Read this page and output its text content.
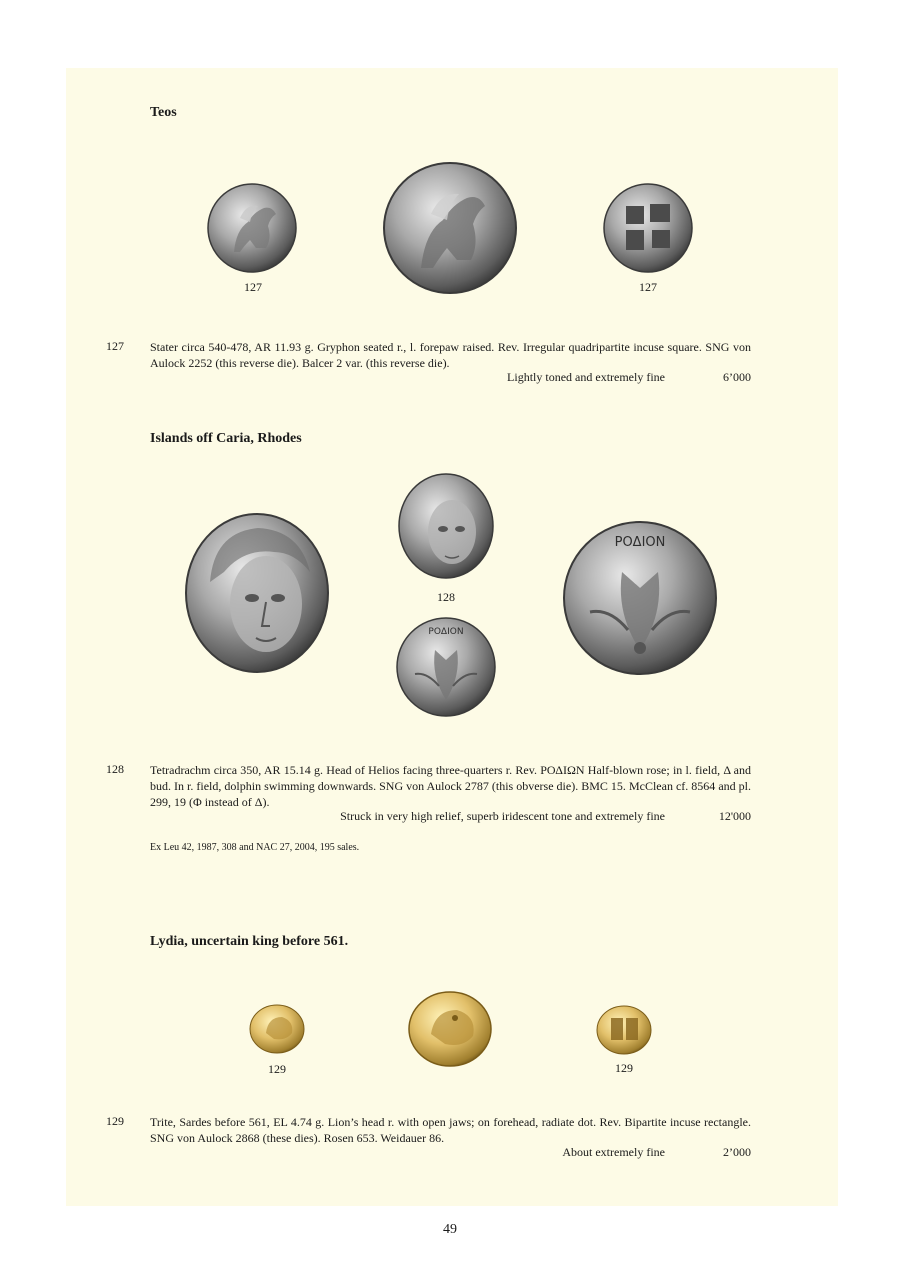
Teos
127	127
127 Stater circa 540-478, AR 11.93 g. Gryphon seated r., l. forepaw raised. Rev. Irregular quadripartite incuse square. SNG von Aulock 2252 (this reverse die). Balcer 2 var. (this reverse die).
Lightly toned and extremely fine	6’000
Islands off Caria, Rhodes
128
ΡΟΔΙΟΝ
ΡΟΔΙΟΝ
128 Tetradrachm circa 350, AR 15.14 g. Head of Helios facing three-quarters r. Rev. ΡΟΔΙΩΝ Half-blown rose; in l. field, Δ and bud. In r. field, dolphin swimming downwards. SNG von Aulock 2787 (this obverse die). BMC 15. McClean cf. 8564 and pl. 299, 19 (Φ instead of Δ).
Struck in very high relief, superb iridescent tone and extremely fine	12'000
Ex Leu 42, 1987, 308 and NAC 27, 2004, 195 sales.
Lydia, uncertain king before 561.
129	129
129 Trite, Sardes before 561, EL 4.74 g. Lion’s head r. with open jaws; on forehead, radiate dot. Rev. Bipartite incuse rectangle. SNG von Aulock 2868 (these dies). Rosen 653. Weidauer 86.
About extremely fine	2’000
49
